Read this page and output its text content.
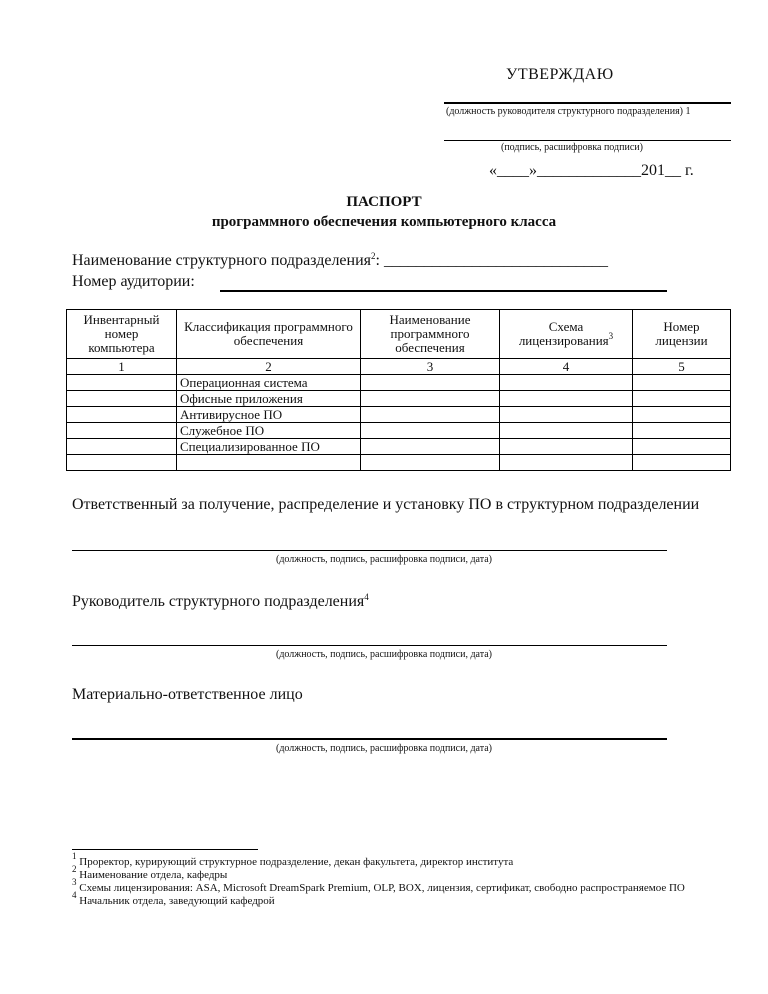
УТВЕРЖДАЮ
(должность руководителя структурного подразделения) 1
(подпись, расшифровка подписи)
«____»_____________201__ г.
ПАСПОРТ
программного обеспечения компьютерного класса
Наименование структурного подразделения$^2$: ____________________________
Номер аудитории:
Инвентарный номер компьютера	Классификация программного обеспечения	Наименование программного обеспечения	Схема лицензирования$^3$	Номер лицензии
1	2	3	4	5
	Операционная система			
	Офисные приложения			
	Антивирусное ПО			
	Служебное ПО			
	Специализированное ПО			

Ответственный за получение, распределение и установку ПО в структурном подразделении
(должность, подпись, расшифровка подписи, дата)
Руководитель структурного подразделения$^4$
(должность, подпись, расшифровка подписи, дата)
Материально-ответственное лицо
(должность, подпись, расшифровка подписи, дата)
$^1$ Проректор, курирующий структурное подразделение, декан факультета, директор института
$^2$ Наименование отдела, кафедры
$^3$ Схемы лицензирования: ASA, Microsoft DreamSpark Premium, OLP, BOX, лицензия, сертификат, свободно распространяемое ПО
$^4$ Начальник отдела, заведующий кафедрой
